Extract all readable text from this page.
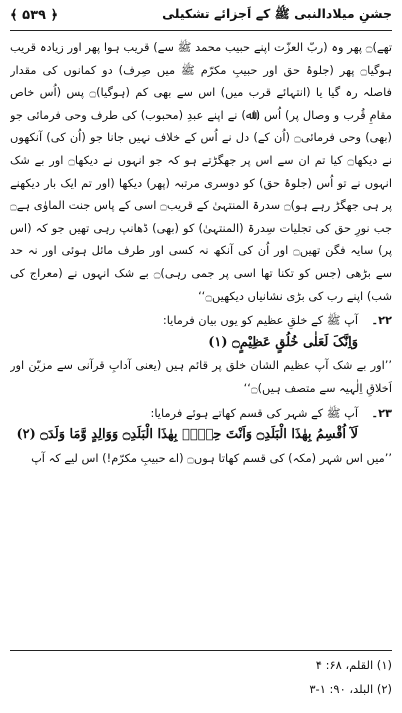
﴾ ۵۳۹ ﴿	جشنِ میلادالنبی ﷺ کے اَجزائے تشکیلی

تھے)۝ پھر وہ (ربّ العزّت اپنے حبیب محمد ﷺ سے) قریب ہوا پھر اور زیادہ قریب ہوگیا۝ پھر (جلوۂ حق اور حبیبِ مکرّم ﷺ میں صِرف) دو کمانوں کی مقدار فاصلہ رہ گیا یا (انتہائے قرب میں) اس سے بھی کم (ہوگیا)۝ پس (اُس خاص مقامِ قُرب و وصال پر) اُس (اﷲ) نے اپنے عبدِ (محبوب) کی طرف وحی فرمائی جو (بھی) وحی فرمائی۝ (اُن کے) دل نے اُس کے خلاف نہیں جانا جو (اُن کی) آنکھوں نے دیکھا۝ کیا تم ان سے اس پر جھگڑتے ہو کہ جو انہوں نے دیکھا۝ اور بے شک انہوں نے تو اُس (جلوۂ حق) کو دوسری مرتبہ (پھر) دیکھا (اور تم ایک بار دیکھنے پر ہی جھگڑ رہے ہو)۝ سدرۃ المنتہیٰ کے قریب۝ اسی کے پاس جنت الماوٰی ہے۝ جب نورِ حق کی تجلیات سِدرۃ (المنتہیٰ) کو (بھی) ڈھانپ رہی تھیں جو کہ (اس پر) سایہ فگن تھیں۝ اور اُن کی آنکھ نہ کسی اور طرف مائل ہوئی اور نہ حد سے بڑھی (جس کو تکنا تھا اسی پر جمی رہی)۝ بے شک انہوں نے (معراج کی شب) اپنے رب کی بڑی نشانیاں دیکھیں۝‘‘

۲۲۔
آپ ﷺ کے خلقِ عظیم کو یوں بیان فرمایا:
وَاِنَّکَ لَعَلٰی خُلُقٍ عَظِیْمٍ۝ (۱)

’’اور بے شک آپ عظیم الشان خلق پر قائم ہیں (یعنی آدابِ قرآنی سے مزیّن اور اَخلاقِ اِلٰہیہ سے متصف ہیں)۝‘‘

۲۳۔
آپ ﷺ کے شہر کی قسم کھاتے ہوئے فرمایا:
لَآ اُقْسِمُ بِهٰذَا الْبَلَدِ۝ وَاَنْتَ حِلٌّۢ بِهٰذَا الْبَلَدِ۝ وَوَالِدٍ وَّمَا وَلَدَ۝ (۲)

’’میں اس شہر (مکہ) کی قسم کھاتا ہوں۝ (اے حبیبِ مکرّم!) اس لیے کہ آپ

(۱) القلم، ۶۸: ۴
(۲) البلد، ۹۰: ۱-۳
